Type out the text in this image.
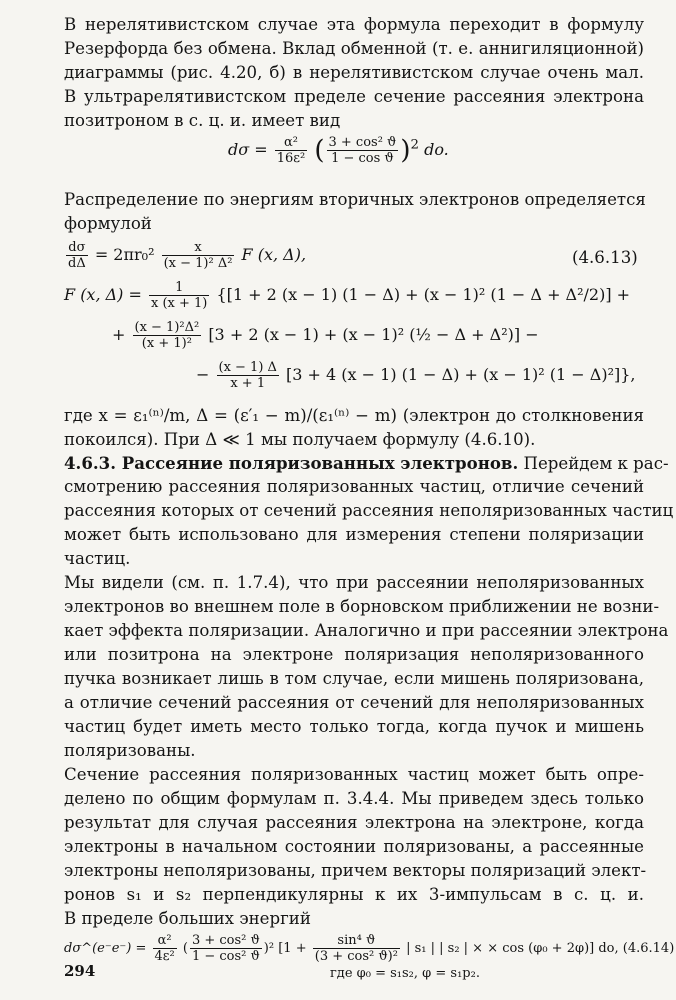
В нерелятивистском случае эта формула переходит в формулу
Резерфорда без обмена. Вклад обменной (т. е. аннигиляционной)
диаграммы (рис. 4.20, б) в нерелятивистском случае очень мал.
В ультрарелятивистском пределе сечение рассеяния электрона
позитроном в с. ц. и. имеет вид
$d\sigma = \frac{\text{α²}}{\text{16ε²}}$ ( $\frac{\text{3 + cos² ϑ}}{\text{1 − cos ϑ}} )^2$ do.
Распределение по энергиям вторичных электронов определяется
формулой
$\frac{d\sigma}{d\Delta} = 2\pi r_0^2 \frac{x}{\text{(x − 1)² Δ²}}$ F (x, Δ),	(4.6.13)
F (x, $\Delta) = \frac{1}{x (x + 1)} \{[1 + 2$ (x − 1) (1 − Δ) + (x − 1)² (1 − Δ + Δ²/2)] +
+ $\frac{\text{(x − 1)²Δ²}}{\text{(x + 1)²}} [3 + 2$ (x − 1) + (x − 1)² (½ − Δ + Δ²)] −
− $\frac{(x - 1) \Delta}{x + 1} [3 + 4$ (x − 1) (1 − Δ) + (x − 1)² (1 − Δ)²]},
где x = ε₁⁽ⁿ⁾/m, Δ = (ε′₁ − m)/(ε₁⁽ⁿ⁾ − m) (электрон до столкновения
покоился). При Δ ≪ 1 мы получаем формулу (4.6.10).
4.6.3. Рассеяние поляризованных электронов. Перейдем к рас-
смотрению рассеяния поляризованных частиц, отличие сечений
рассеяния которых от сечений рассеяния неполяризованных частиц
может быть использовано для измерения степени поляризации
частиц.
Мы видели (см. п. 1.7.4), что при рассеянии неполяризованных
электронов во внешнем поле в борновском приближении не возни-
кает эффекта поляризации. Аналогично и при рассеянии электрона
или позитрона на электроне поляризация неполяризованного
пучка возникает лишь в том случае, если мишень поляризована,
а отличие сечений рассеяния от сечений для неполяризованных
частиц будет иметь место только тогда, когда пучок и мишень
поляризованы.
Сечение рассеяния поляризованных частиц может быть опре-
делено по общим формулам п. 3.4.4. Мы приведем здесь только
результат для случая рассеяния электрона на электроне, когда
электроны в начальном состоянии поляризованы, а рассеянные
электроны неполяризованы, причем векторы поляризаций элект-
ронов s₁ и s₂ перпендикулярны к их 3-импульсам в с. ц. и.
В пределе больших энергий
294
dσ^(e⁻e⁻) = $\frac{\text{α²}}{\text{4ε²}}$ ( $\frac{\text{3 + cos² ϑ}}{\text{1 − cos² ϑ}} )^2$ [$1 + \frac{\text{sin⁴ ϑ}}{\text{(3 + cos² ϑ)²}}$ | s₁ | | s₂ | × × cos (φ₀ + 2φ)] do, (4.6.14)
где φ₀ = s₁s₂, φ = s₁p₂.
